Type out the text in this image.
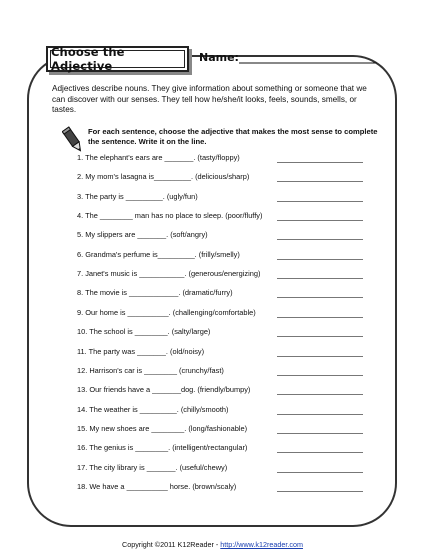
Choose the Adjective
Name:_________________________
Adjectives describe nouns. They give information about something or someone that we can discover with our senses. They tell how he/she/it looks, feels, sounds, smells, or tastes.
For each sentence, choose the adjective that makes the most sense to complete the sentence. Write it on the line.
1. The elephant's ears are _______. (tasty/floppy)
2. My mom's lasagna is_________. (delicious/sharp)
3. The party is _________. (ugly/fun)
4. The ________ man has no place to sleep. (poor/fluffy)
5. My slippers are _______. (soft/angry)
6. Grandma's perfume is_________. (frilly/smelly)
7. Janet's music is ___________. (generous/energizing)
8. The movie is ____________. (dramatic/furry)
9. Our home is __________. (challenging/comfortable)
10. The school is ________. (salty/large)
11. The party was _______. (old/noisy)
12. Harrison's car is ________ (crunchy/fast)
13. Our friends have a _______dog. (friendly/bumpy)
14. The weather is _________. (chilly/smooth)
15. My new shoes are ________. (long/fashionable)
16. The genius is ________. (intelligent/rectangular)
17. The city library is _______. (useful/chewy)
18. We have a __________ horse. (brown/scaly)
Copyright ©2011 K12Reader - http://www.k12reader.com
